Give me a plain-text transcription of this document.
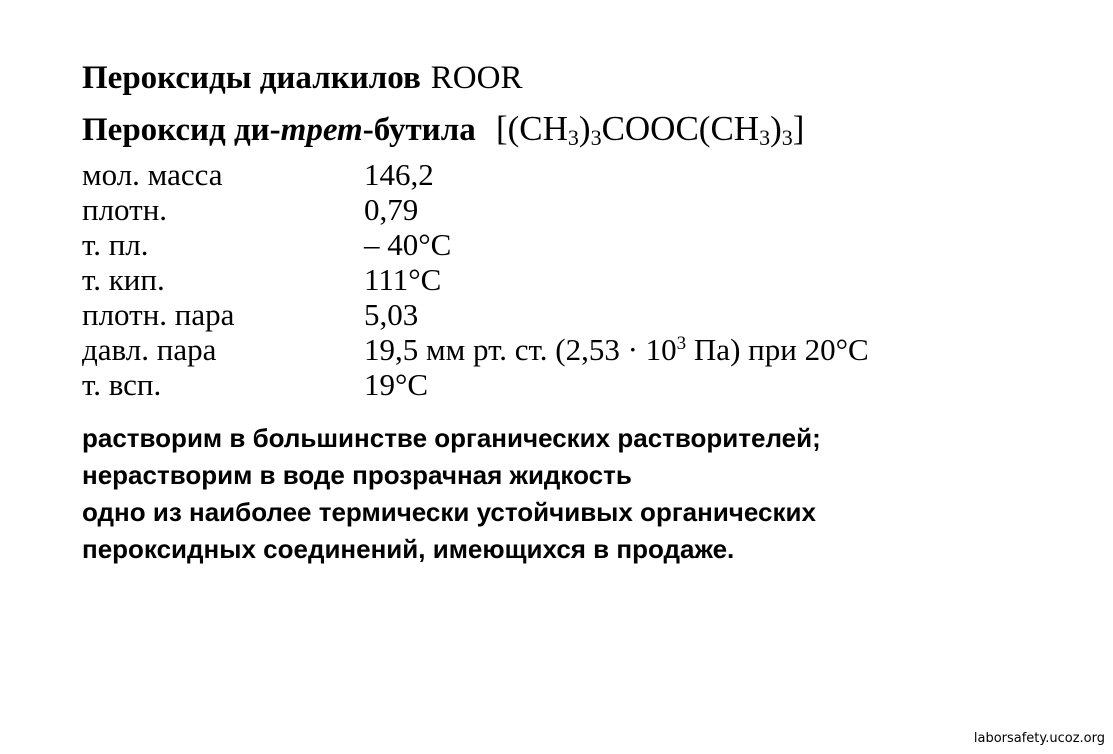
Пероксиды диалкилов ROOR
Пероксид ди-трет-бутила $[(CH_3)_3COOC(CH_3)_3]$
мол. масса	146,2
плотн.	0,79
т. пл.	– 40°С
т. кип.	111°С
плотн. пара	5,03
давл. пара	19,5 мм рт. ст. ($2,53 \cdot 10^3$ Па) при 20°С
т. всп.	19°С
растворим в большинстве органических растворителей;
нерастворим в воде прозрачная жидкость
одно из наиболее термически устойчивых органических
пероксидных соединений, имеющихся в продаже.
laborsafety.ucoz.org
